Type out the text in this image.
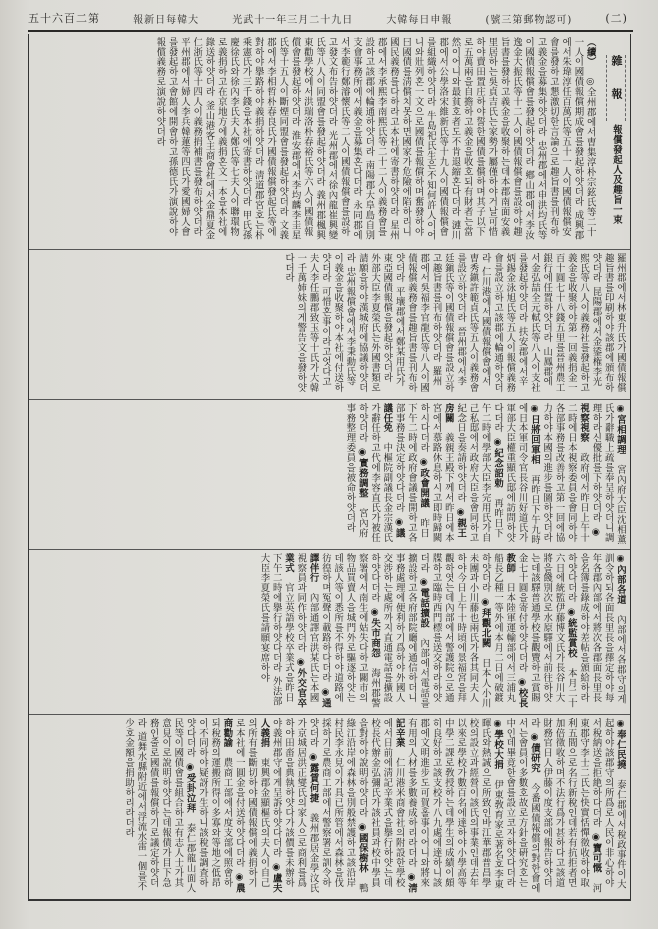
五十六百二第	報新日每韓大	光武十一年三月二十九日	大韓每日申報	(號三第郵物認可)	(二)
雜報 報償發起人及趣旨一束（續）　 ◎全州郡에서曺集淳朴宗鉉氏等二十一人이國債報償期成會를發起하얏더라 成興郡에서朱瑋淳任百萬氏等五十一人이國債報償安會를發하고懇激切한言論으로趣旨書를刊布하고義金을募集하얏더라 忠州郡에서申洪均氏等이國債報償會를發起하얏더라 鄕山郡에서李汝逸金大振氏等十二人이國債報償會를設하야趣旨書를發하고義金을收聚하는데本郡南面安義里居하는吳貞吉氏는家勢가屬僅하야거날可惜하야賣田置庄하야誓한國債를償하며其子以下로五萬兩을自擔하고義金을收호되有財者는當然이어니와最貧호者도不肯退縮혼다더라 漣川郡에서公學洛宋維新氏等十九人이國債報償會를組織하얏더라 牛島祀氏生은不知何許人이어니와壯列혼一文으로國債를報償하며奮發하야曰國債를淸償치못하면國家가危險에陷하리니國民義務를다하라고本社에寄書하얏더라 星州郡에서李承熙李南熙氏等二十二人이義務會를設하고該郡에輪通하얏더라 南陽郡大阜島自別支會事務所에서義金을募集혼다더라 永同郡에서李範行鄭濬懷氏等二人이國債報償會를設하고發文布告하얏더라 光州郡에서徐內龍崔興變氏等八人이同盟會를發起하얏더라 義州郡楓興東勸學校에서洪瑞洛朴春裕氏等六人이國債報償會를發起하얏더라 淮安郡에서李均麟李圭星氏等十五人이斷煙同盟會를發起하얏더라 文義郡에서李相哲朴春良氏가國債報償發起氏等에對하야擧路하야義捐하얏더라 淸道郡宮호는朴乘憲氏가三千錢을本社에寄書하얏더라 甲氏孫慶徐氏와徐內李氏夫人鄭氏等七夫人이聯環物로義捐하고在京地方에義捐혼文一本을本社에錄送하얏더라 釜山港客主商會社에서金鼎夏金仁浙氏等十四人이義務捐補書를發布하얏더라 平州郡에서婦人李兵韓蓮等四氏가愛國婦人會를發起하고會館에開會하고孫德氏가演說하야報償義務로演說하얏더라
羅州郡에서林東升氏가國債報償趣旨書를印刷하야該郡에頒布하얏더라 昆陽郡에서金鋈権李光熙氏等八人이義務社를發起하고義金을收聚하야第一回義捐金一百十圓七十八錢五里를晉州農工銀行에任置하얏더라 山鳳郡에서金弘喆全元軾氏等八人이支社를發起하얏더라 扶安郡에서辛炳錫金泳旭氏等五人이報償義務會를設立하고該郡에輪通하얏더라 仁川港에서國債報償會에서曺秀鎭許範貞氏等五人이義務會를設立하얏더라 晉州郡에서李廷鎭氏等이國債報償會를設立하고趣旨書를刊布하얏더라 羅州郡에서吳福李官龍氏等八人이國債報償義務會를趣旨書를刊布하얏더라 平壤郡에서鄭某用氏가東亞國債報償을發起하얏더라 外部大臣李夏榮氏는外國書類로請願을하야漢城府에協議하얏더라 忠州報償會에서李秉勳氏等이義金을收聚하야本社에付送하얏더라 可惜혼事이라고엇다고夫人李任鵬郡致玉等十氏가大韓一千萬姉妹의게警告文을發하얏다더라
◉宮相調理　宮內府大臣沈相薰氏가辭職上疏를奉呈하얏더니調理하라신優批를下하얏더라 ◉視察視察　政府에서昨日上午十二時에日本視察委員을會同하야各部事務를改善하고第一回에協力하야本國의進步를圖하얏더라 ◉日將回軍相　再昨日下午九時에日本軍司令官長谷川好道氏가軍部大臣權重顯氏邸에訪問하얏다더라 ◉紀念詔勅　再昨日下午二時에學部大臣李完用氏가自己私邸에서政府大臣을會同하고紀念日을奏請하얏더라 ◉親王房關　義親王殿下께서昨日에本宮에서慕路休息하시고即時歸闕하시다더라 ◉政會開議　昨日下午二時에政府會議를開하고各部事務를決定하얏다더라 ◉議議任免　中樞院副議長金宗漢氏가辭任하고代에李容直氏가被任하얏더라 ◉實務調整　宮內府事務整理委員을被命하얏더라
◉內部各道　內部에서各郡守의게訓令하되各面長里長을擇定하야每年各郡內部에서將次各郡面長里長을名簿를錄成하야差帖을頒給하라하얏다더라 ◉統監賞校　本月二十六日에統監伊藤博文氏가長谷川大將을餞別次로水原驛에서前往하얏는데該驛普通學校를觀覽하고賞賜金七十圓을寄付하얏다더라 ◉校長教師　日本陸軍運輸部에서三浦丸船長乙種一等外에本月二日에破鍍하얏더라 ◉拜觀北闕　日本人小川未團과小川藤也兩氏가各其同夫人하야今日上午十時頃에景福宮을拜觀하엿는데內部에서警護院으로通牒하고臨時西門標를送交하라하얏더라 ◉電話擴設　內部에서電話를擴設하고各府部院廳에通信하더니事務處理에便利하기爲하야外國人交涉하는處所까지直通電話를擴設하얏다더라 ◉失市商怨　海州郡警察署에서南生에姑失다하고關市의物品買賣人을城門外로驅逐하얏는데該人等이悉所를不得하야道路에彷徨하며冤聲이載路하다더라 ◉通譯伴行　內部通譯官洪某氏는本國視察員과同作하얏더라 ◉外交官卒業式　官立英語學校卒業式을昨日下午二時에擧行하얏다더라 外法部大臣李夏榮氏를請願宴席하야
◉奉仁民撓　泰仁郡에서稅政事件이大起하야該郡守의所爲로人民이非心하야서稅納送을拒絶하다더라 ◉寶可慨　河東郡守李士二氏는快實恬憚徵收하야取利五間으로名行新稅인데若有抗拒者면加倍徵收하며不法行爲가甚하다고該道財務官日人伊藤이度支部에報告하얏더라 ◉債研究　今番國債報償의對한會에서는會員이多數호故로方針을硏究호는中인데畢竟한會를設立코자하얏다더라 ◉學校大捐　伊東敎育家로著名호李東暉氏와熱誠으로所致인바江華郡普昌學校의設立과經營이該氏의事業인데去年以來로學校가數百名에達하야小學高等中學二課로敎授하는데學生의成績이頗히良好하고該支校가八九處에達하니該郡에文明進步도可賀홀事이어니와將來有用의人材를多數養成하리라더라 ◉淸記辛業　仁川港米商會社의附設한學校에서日前에淸記辛業式을擧行하얏는데校長代辦金弘彌氏가該社員과校中學員을對하야說明하얏더라 ◉國保樹林　鴨綠江沿岸에森林을別般禁護하고該沿岸村民李永見이가具已所管에서森林을伐採하기로農商工部에서警察署로訓令하얏더라 ◉露賃何捷　義州郡居金學汶氏가京城居洪正燮氏의家人으로商利를爲하야田畓을典執하얏다가該價를未辦하야義州郡守에게呈訴하얏다더라 ◉盧夫人義捐　東興郡金顯樞氏의夫人이自己의所有를斷切하야國債報償에義捐하기로本社에一圓金을付送하얏다더라 ◉農商勸諭　農商工部에서度支部에照會하되稅務의運搬所得이多寡와等地之低昂이不同하야疑訝가生하니該稅를調査하얏다더라 ◉受卦泣拜　泰仁郡龍山面人民等이國債會를組合하고有志人士가其意見이로說明하얏다는데報債가目下急務인줄로國債를報償하기로議定하얏더라 道舞水縣附近에서浮流水雷一個를不少호金額을捐助하리라더라
